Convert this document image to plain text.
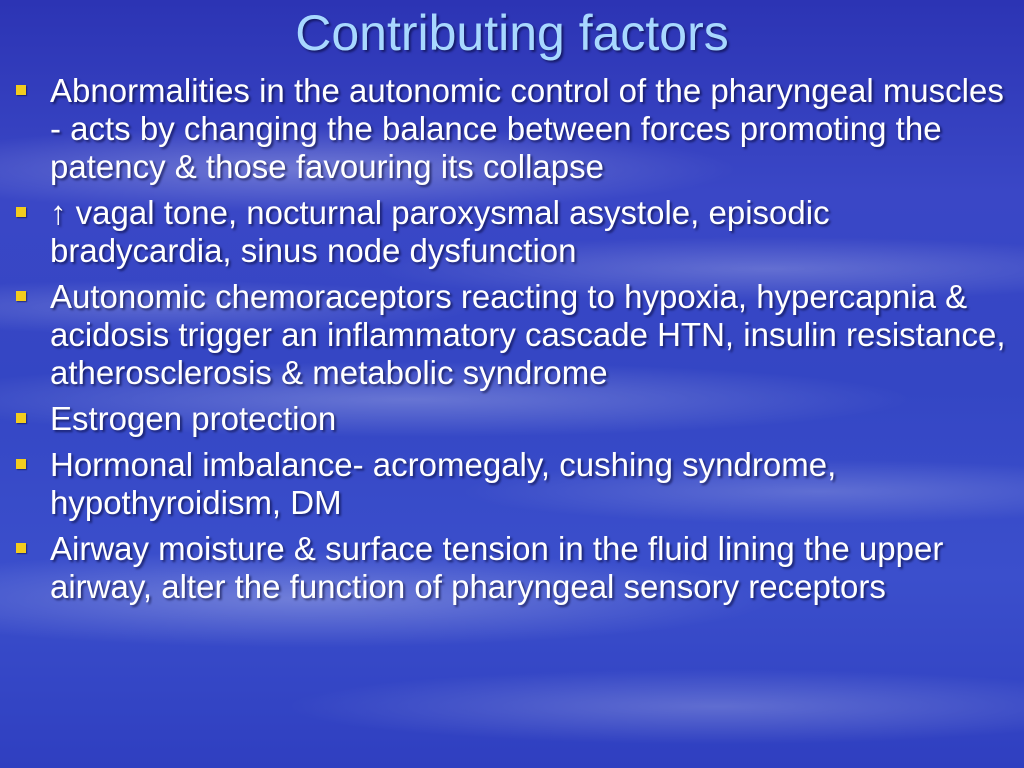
Contributing factors
Abnormalities in the autonomic control of the pharyngeal muscles - acts by changing the balance between forces promoting the patency & those favouring its collapse
↑ vagal tone, nocturnal paroxysmal asystole, episodic bradycardia, sinus node dysfunction
Autonomic chemoraceptors reacting to hypoxia, hypercapnia & acidosis trigger an inflammatory cascade HTN, insulin resistance, atherosclerosis & metabolic syndrome
Estrogen protection
Hormonal imbalance- acromegaly, cushing syndrome, hypothyroidism, DM
Airway moisture & surface tension in the fluid lining the upper airway, alter the function of pharyngeal sensory receptors
